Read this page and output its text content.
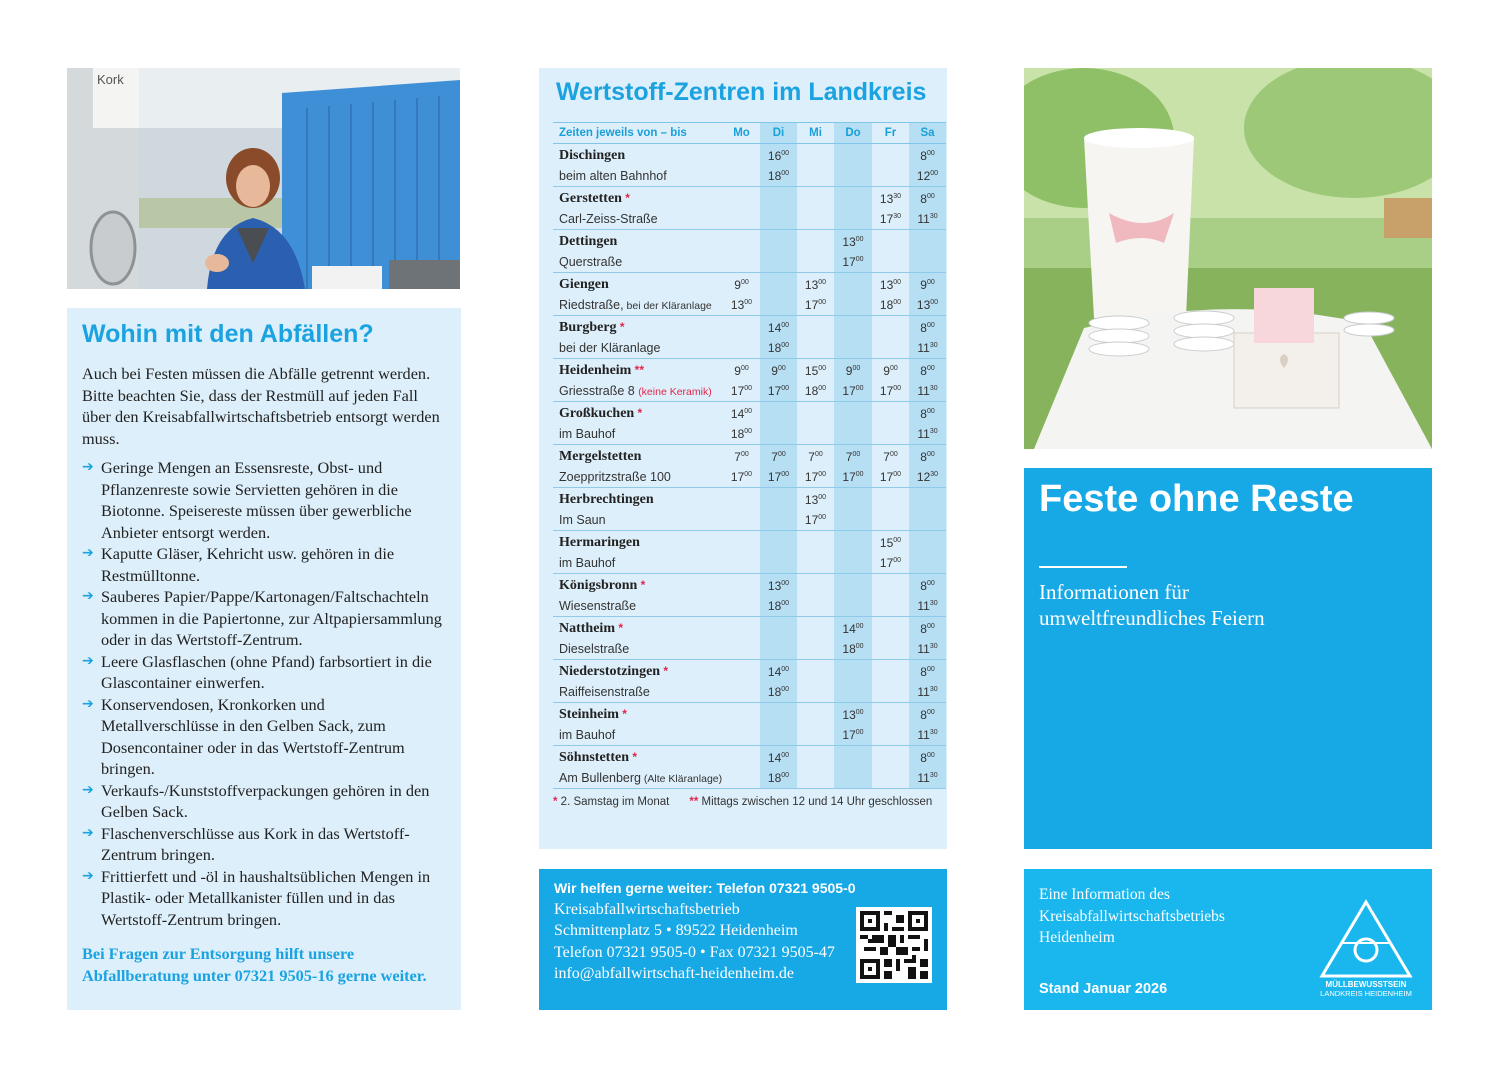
Kork
Wohin mit den Abfällen?

Auch bei Festen müssen die Abfälle getrennt werden. Bitte beachten Sie, dass der Restmüll auf jeden Fall über den Kreisabfallwirtschaftsbetrieb entsorgt werden muss.

➔ Geringe Mengen an Essensreste, Obst- und Pflanzenreste sowie Servietten gehören in die Biotonne. Speisereste müssen über gewerbliche Anbieter entsorgt werden.
➔ Kaputte Gläser, Kehricht usw. gehören in die Restmülltonne.
➔ Sauberes Papier/Pappe/Kartonagen/Faltschachteln kommen in die Papiertonne, zur Altpapiersammlung oder in das Wertstoff-Zentrum.
➔ Leere Glasflaschen (ohne Pfand) farbsortiert in die Glascontainer einwerfen.
➔ Konservendosen, Kronkorken und Metallverschlüsse in den Gelben Sack, zum Dosencontainer oder in das Wertstoff-Zentrum bringen.
➔ Verkaufs-/Kunststoffverpackungen gehören in den Gelben Sack.
➔ Flaschenverschlüsse aus Kork in das Wertstoff-Zentrum bringen.
➔ Frittierfett und -öl in haushaltsüblichen Mengen in Plastik- oder Metallkanister füllen und in das Wertstoff-Zentrum bringen.

Bei Fragen zur Entsorgung hilft unsere Abfallberatung unter 07321 9505-16 gerne weiter.

Wertstoff-Zentren im Landkreis
Zeiten jeweils von – bis	Mo	Di	Mi	Do	Fr	Sa
Dischingen		$16^{00}$				$8^{00}$
beim alten Bahnhof		$18^{00}$				$12^{00}$
Gerstetten *					$13^{30}$	$8^{00}$
Carl-Zeiss-Straße					$17^{30}$	$11^{30}$
Dettingen				$13^{00}$		
Querstraße				$17^{00}$		
Giengen	$9^{00}$		$13^{00}$		$13^{00}$	$9^{00}$
Riedstraße, bei der Kläranlage	$13^{00}$		$17^{00}$		$18^{00}$	$13^{00}$
Burgberg *		$14^{00}$				$8^{00}$
bei der Kläranlage		$18^{00}$				$11^{30}$
Heidenheim **	$9^{00}$	$9^{00}$	$15^{00}$	$9^{00}$	$9^{00}$	$8^{00}$
Griesstraße 8 (keine Keramik)	$17^{00}$	$17^{00}$	$18^{00}$	$17^{00}$	$17^{00}$	$11^{30}$
Großkuchen *	$14^{00}$					$8^{00}$
im Bauhof	$18^{00}$					$11^{30}$
Mergelstetten	$7^{00}$	$7^{00}$	$7^{00}$	$7^{00}$	$7^{00}$	$8^{00}$
Zoeppritzstraße 100	$17^{00}$	$17^{00}$	$17^{00}$	$17^{00}$	$17^{00}$	$12^{30}$
Herbrechtingen			$13^{00}$			
Im Saun			$17^{00}$			
Hermaringen					$15^{00}$	
im Bauhof					$17^{00}$	
Königsbronn *		$13^{00}$				$8^{00}$
Wiesenstraße		$18^{00}$				$11^{30}$
Nattheim *				$14^{00}$		$8^{00}$
Dieselstraße				$18^{00}$		$11^{30}$
Niederstotzingen *		$14^{00}$				$8^{00}$
Raiffeisenstraße		$18^{00}$				$11^{30}$
Steinheim *				$13^{00}$		$8^{00}$
im Bauhof				$17^{00}$		$11^{30}$
Söhnstetten *		$14^{00}$				$8^{00}$
Am Bullenberg (Alte Kläranlage)		$18^{00}$				$11^{30}$
* 2. Samstag im Monat ** Mittags zwischen 12 und 14 Uhr geschlossen
Wir helfen gerne weiter: Telefon 07321 9505-0
Kreisabfallwirtschaftsbetrieb
Schmittenplatz 5 • 89522 Heidenheim
Telefon 07321 9505-0 • Fax 07321 9505-47
info@abfallwirtschaft-heidenheim.de
Feste ohne Reste
Informationen für
umweltfreundliches Feiern
Eine Information des
Kreisabfallwirtschaftsbetriebs
Heidenheim
Stand Januar 2026	MÜLLBEWUSSTSEIN
LANDKREIS HEIDENHEIM
